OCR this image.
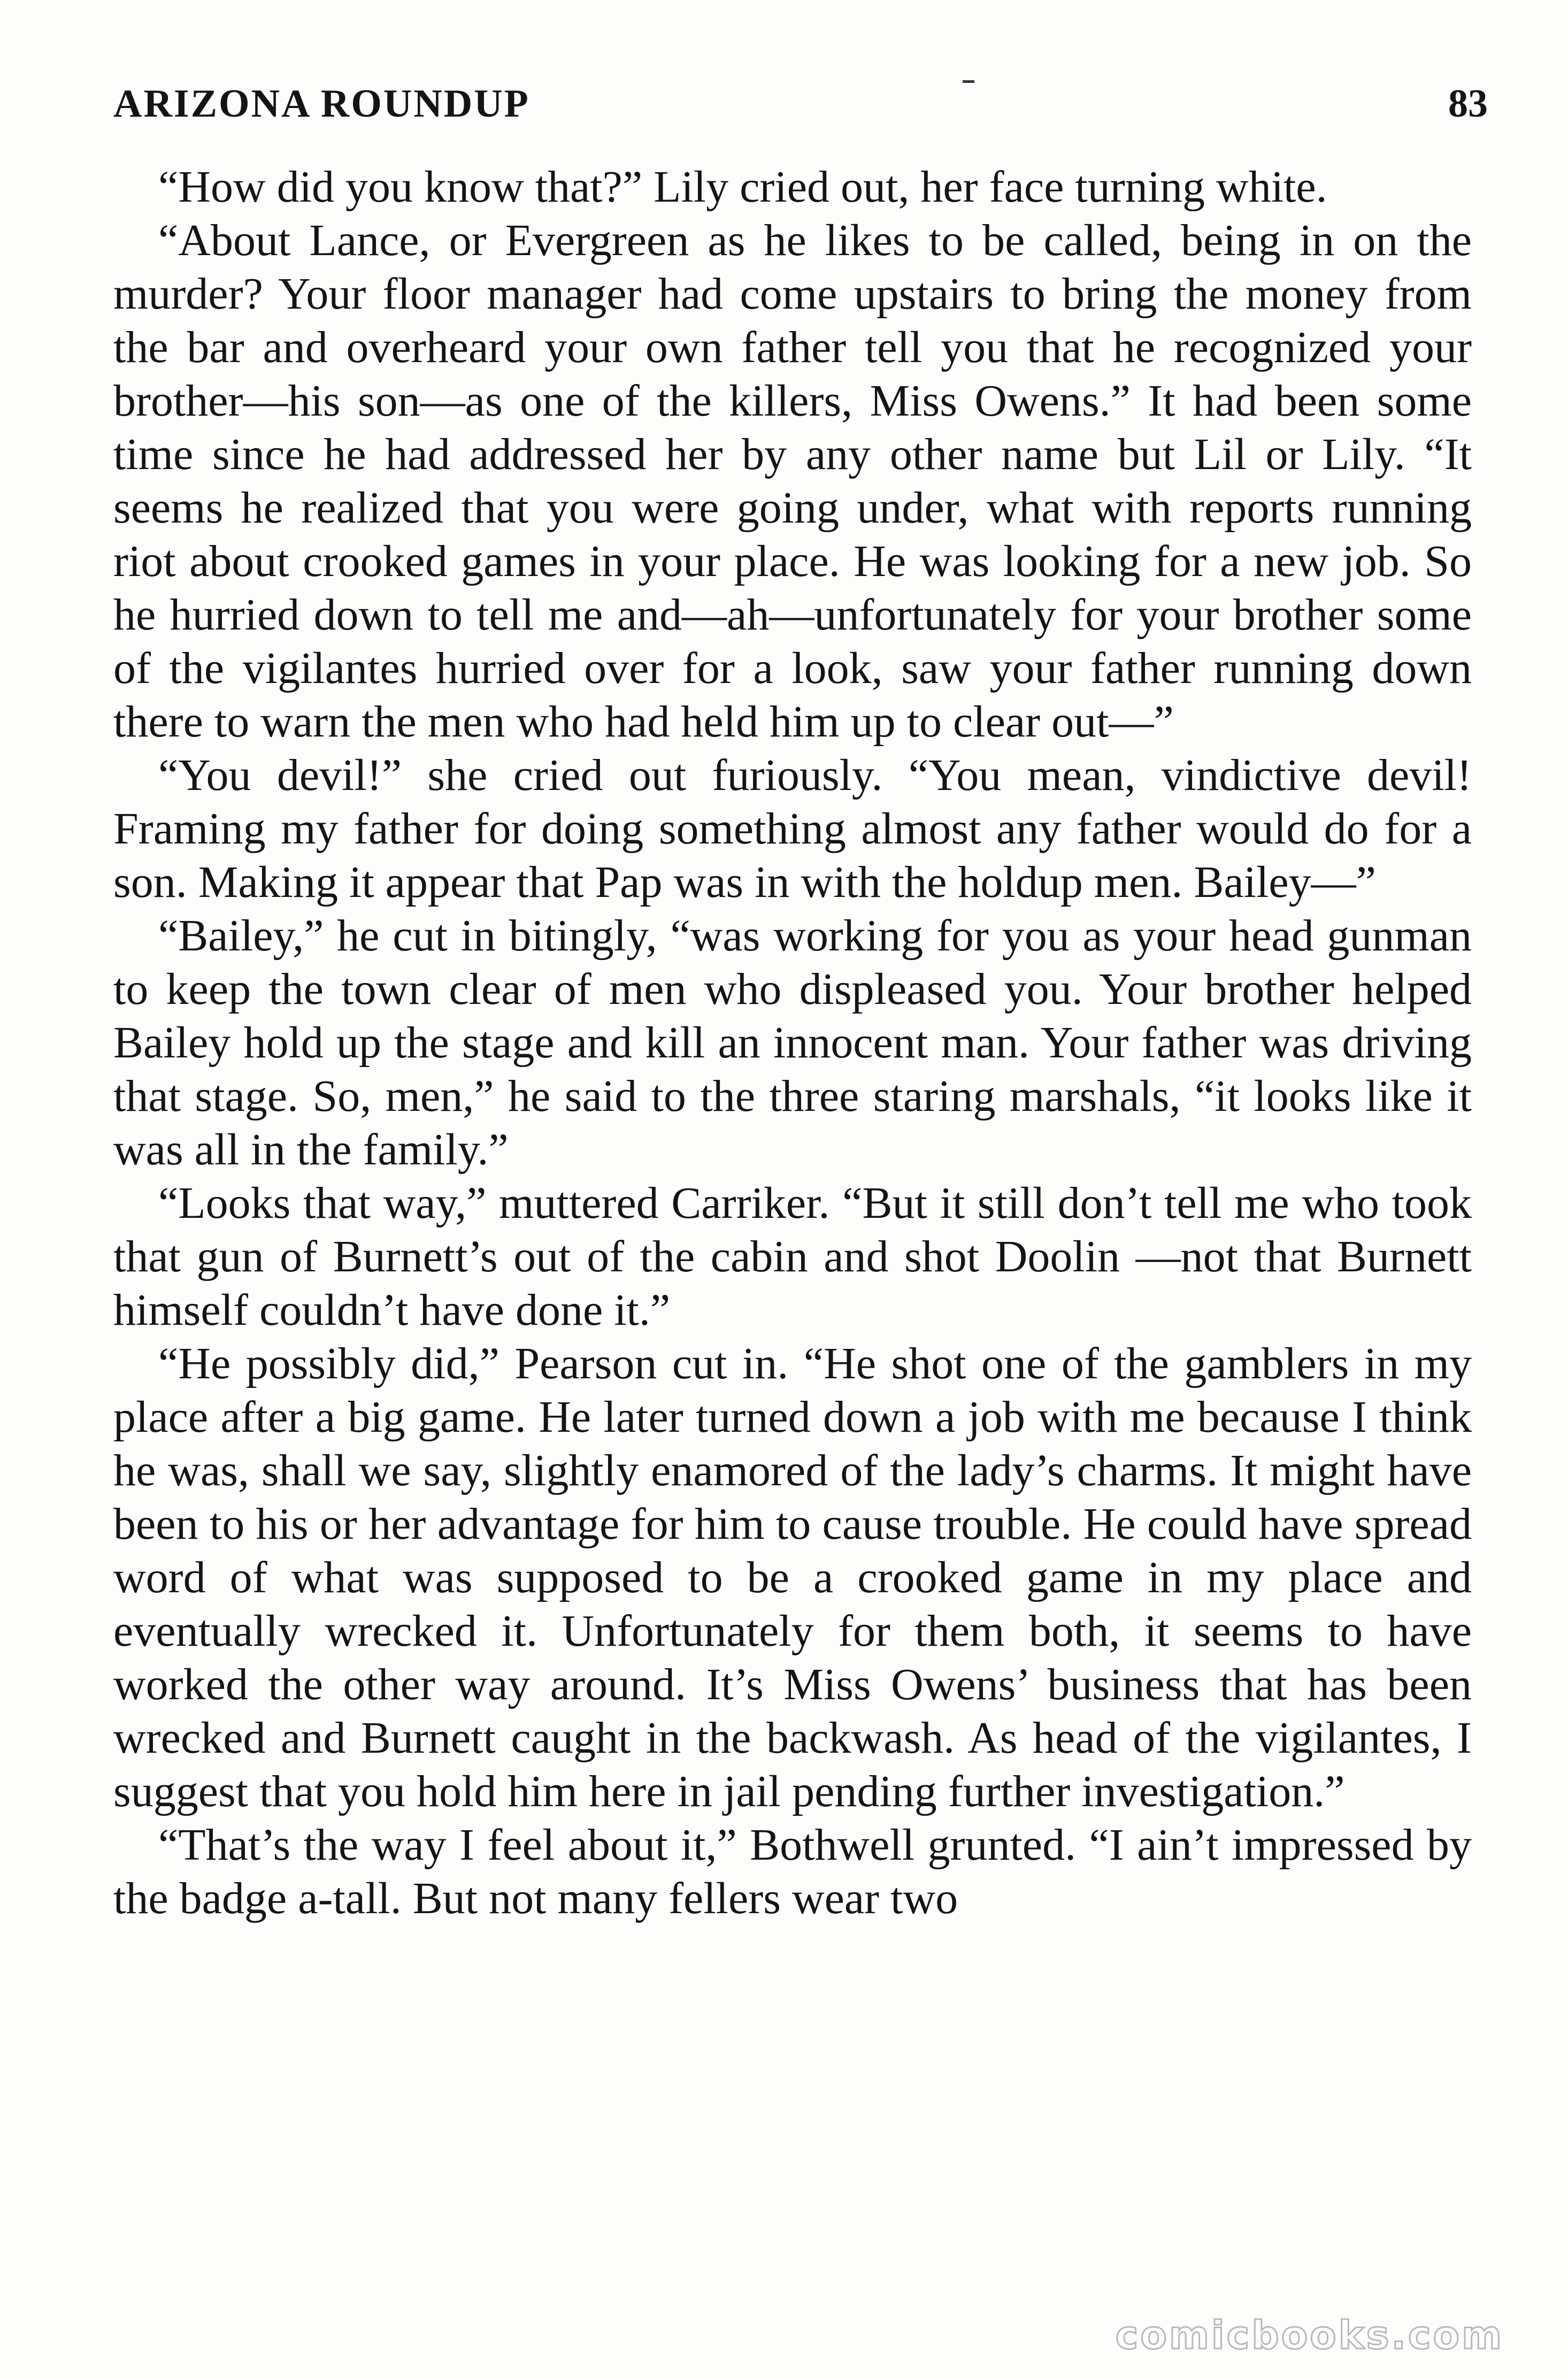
ARIZONA ROUNDUP	83

“How did you know that?” Lily cried out, her face turning white.

“About Lance, or Evergreen as he likes to be called, being in on the murder? Your floor manager had come upstairs to bring the money from the bar and overheard your own father tell you that he recognized your brother—his son—as one of the killers, Miss Owens.” It had been some time since he had addressed her by any other name but Lil or Lily. “It seems he realized that you were going under, what with reports running riot about crooked games in your place. He was looking for a new job. So he hurried down to tell me and—ah—unfortunately for your brother some of the vigilantes hurried over for a look, saw your father running down there to warn the men who had held him up to clear out—”

“You devil!” she cried out furiously. “You mean, vindictive devil! Framing my father for doing something almost any father would do for a son. Making it appear that Pap was in with the holdup men. Bailey—”

“Bailey,” he cut in bitingly, “was working for you as your head gunman to keep the town clear of men who displeased you. Your brother helped Bailey hold up the stage and kill an innocent man. Your father was driving that stage. So, men,” he said to the three staring marshals, “it looks like it was all in the family.”

“Looks that way,” muttered Carriker. “But it still don’t tell me who took that gun of Burnett’s out of the cabin and shot Doolin —not that Burnett himself couldn’t have done it.”

“He possibly did,” Pearson cut in. “He shot one of the gamblers in my place after a big game. He later turned down a job with me because I think he was, shall we say, slightly enamored of the lady’s charms. It might have been to his or her advantage for him to cause trouble. He could have spread word of what was supposed to be a crooked game in my place and eventually wrecked it. Unfortunately for them both, it seems to have worked the other way around. It’s Miss Owens’ business that has been wrecked and Burnett caught in the backwash. As head of the vigilantes, I suggest that you hold him here in jail pending further investigation.”

“That’s the way I feel about it,” Bothwell grunted. “I ain’t impressed by the badge a-tall. But not many fellers wear two

comicbooks.com
